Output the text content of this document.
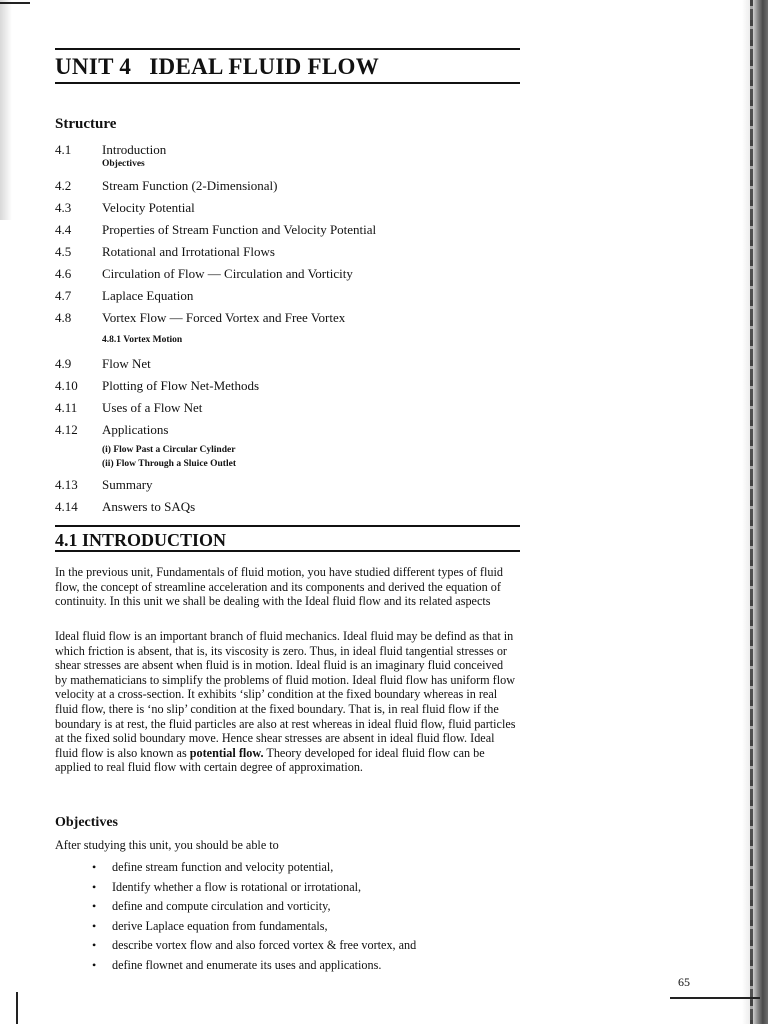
UNIT 4   IDEAL FLUID FLOW
Structure
4.1	Introduction
Objectives
4.2	Stream Function (2-Dimensional)
4.3	Velocity Potential
4.4	Properties of Stream Function and Velocity Potential
4.5	Rotational and Irrotational Flows
4.6	Circulation of Flow — Circulation and Vorticity
4.7	Laplace Equation
4.8	Vortex Flow — Forced Vortex and Free Vortex
4.8.1 Vortex Motion
4.9	Flow Net
4.10	Plotting of Flow Net-Methods
4.11	Uses of a Flow Net
4.12	Applications
(i) Flow Past a Circular Cylinder
(ii) Flow Through a Sluice Outlet
4.13	Summary
4.14	Answers to SAQs
4.1 INTRODUCTION

In the previous unit, Fundamentals of fluid motion, you have studied different types of fluid flow, the concept of streamline acceleration and its components and derived the equation of continuity. In this unit we shall be dealing with the Ideal fluid flow and its related aspects

Ideal fluid flow is an important branch of fluid mechanics. Ideal fluid may be defind as that in which friction is absent, that is, its viscosity is zero. Thus, in ideal fluid tangential stresses or shear stresses are absent when fluid is in motion. Ideal fluid is an imaginary fluid conceived by mathematicians to simplify the problems of fluid motion. Ideal fluid flow has uniform flow velocity at a cross-section. It exhibits ‘slip’ condition at the fixed boundary whereas in real fluid flow, there is ‘no slip’ condition at the fixed boundary. That is, in real fluid flow if the boundary is at rest, the fluid particles are also at rest whereas in ideal fluid flow, fluid particles at the fixed solid boundary move. Hence shear stresses are absent in ideal fluid flow. Ideal fluid flow is also known as potential flow. Theory developed for ideal fluid flow can be applied to real fluid flow with certain degree of approximation.

Objectives
After studying this unit, you should be able to
• define stream function and velocity potential,
• Identify whether a flow is rotational or irrotational,
• define and compute circulation and vorticity,
• derive Laplace equation from fundamentals,
• describe vortex flow and also forced vortex & free vortex, and
• define flownet and enumerate its uses and applications.
65
